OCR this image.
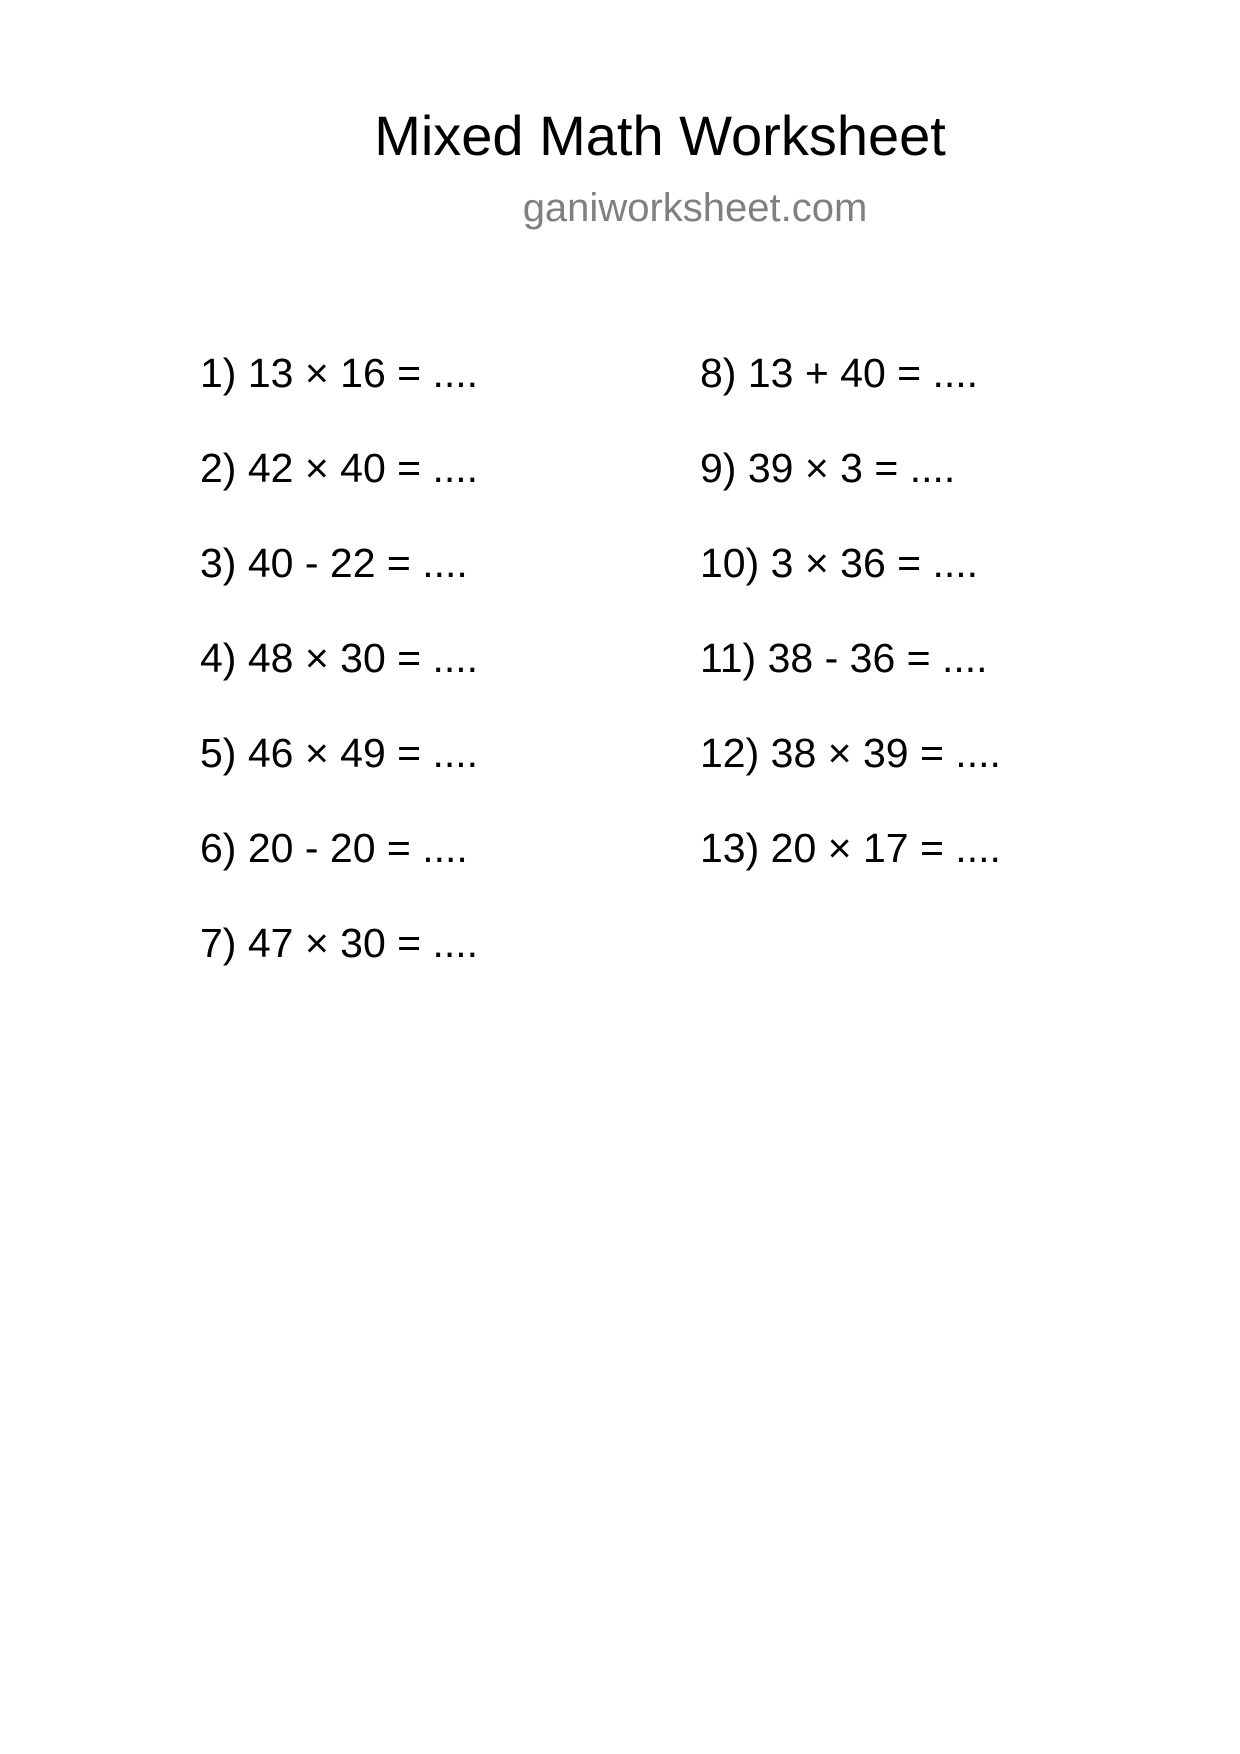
Mixed Math Worksheet
ganiworksheet.com
1) 13 × 16 = ....
2) 42 × 40 = ....
3) 40 - 22 = ....
4) 48 × 30 = ....
5) 46 × 49 = ....
6) 20 - 20 = ....
7) 47 × 30 = ....
8) 13 + 40 = ....
9) 39 × 3 = ....
10) 3 × 36 = ....
11) 38 - 36 = ....
12) 38 × 39 = ....
13) 20 × 17 = ....
